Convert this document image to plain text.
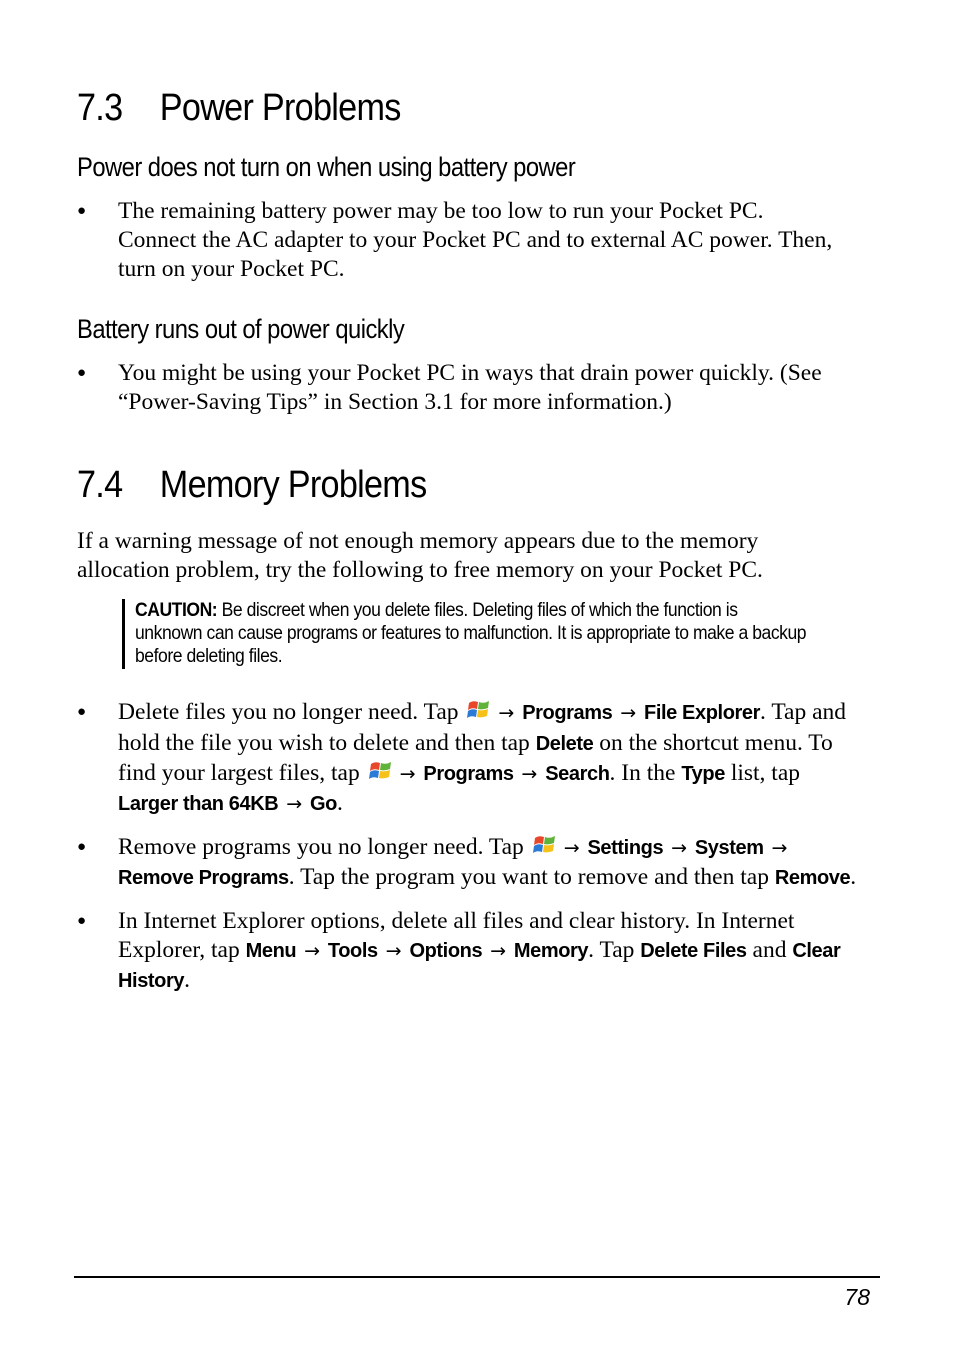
7.3 Power Problems
Power does not turn on when using battery power
●	The remaining battery power may be too low to run your Pocket PC.
Connect the AC adapter to your Pocket PC and to external AC power. Then,
turn on your Pocket PC.
Battery runs out of power quickly
●	You might be using your Pocket PC in ways that drain power quickly. (See
“Power-Saving Tips” in Section 3.1 for more information.)
7.4 Memory Problems
If a warning message of not enough memory appears due to the memory
allocation problem, try the following to free memory on your Pocket PC.
CAUTION: Be discreet when you delete files. Deleting files of which the function is
unknown can cause programs or features to malfunction. It is appropriate to make a backup
before deleting files.
●	Delete files you no longer need. Tap → Programs → File Explorer. Tap and
hold the file you wish to delete and then tap Delete on the shortcut menu. To
find your largest files, tap → Programs → Search. In the Type list, tap
Larger than 64KB → Go.
●	Remove programs you no longer need. Tap → Settings → System →
Remove Programs. Tap the program you want to remove and then tap Remove.
●	In Internet Explorer options, delete all files and clear history. In Internet
Explorer, tap Menu → Tools → Options → Memory. Tap Delete Files and Clear
History.
78
